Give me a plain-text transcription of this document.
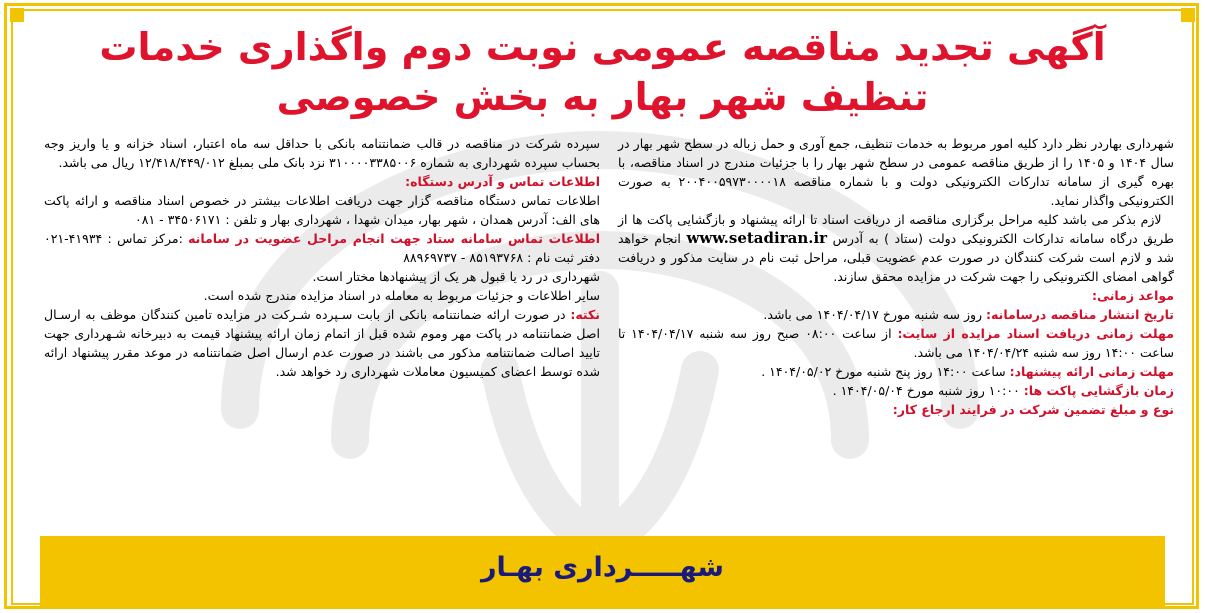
آگهی تجدید مناقصه عمومی نوبت دوم واگذاری خدمات تنظیف شهر بهار به بخش خصوصی

شهرداری بهاردر نظر دارد کلیه امور مربوط به خدمات تنظیف، جمع آوری و حمل زباله در سطح شهر بهار در سال ۱۴۰۴ و ۱۴۰۵ را از طریق مناقصه عمومی در سطح شهر بهار را با جزئیات مندرج در اسناد مناقصه، با بهره گیری از سامانه تدارکات الکترونیکی دولت و با شماره مناقصه ۲۰۰۴۰۰۵۹۷۳۰۰۰۰۱۸ به صورت الکترونیکی واگذار نماید.

 لازم بذکر می باشد کلیه مراحل برگزاری مناقصه از دریافت اسناد تا ارائه پیشنهاد و بازگشایی پاکت ها از طریق درگاه سامانه تدارکات الکترونیکی دولت (ستاد ) به آدرس www.setadiran.ir انجام خواهد شد و لازم است شرکت کنندگان در صورت عدم عضویت قبلی، مراحل ثبت نام در سایت مذکور و دریافت گواهی امضای الکترونیکی را جهت شرکت در مزایده محقق سازند.

مواعد زمانی:

تاریخ انتشار مناقصه درسامانه: روز سه شنبه مورخ ۱۴۰۴/۰۴/۱۷ می باشد.

مهلت زمانی دریافت اسناد مزایده از سایت: از ساعت ۰۸:۰۰ صبح روز سه شنبه ۱۴۰۴/۰۴/۱۷ تا ساعت ۱۴:۰۰ روز سه شنبه ۱۴۰۴/۰۴/۲۴ می باشد.

مهلت زمانی ارائه پیشنهاد: ساعت ۱۴:۰۰ روز پنج شنبه مورخ ۱۴۰۴/۰۵/۰۲ .

زمان بازگشایی پاکت ها: ۱۰:۰۰ روز شنبه مورخ ۱۴۰۴/۰۵/۰۴ .

نوع و مبلغ تضمین شرکت در فرایند ارجاع کار:

سپرده شرکت در مناقصه در قالب ضمانتنامه بانکی با حداقل سه ماه اعتبار، اسناد خزانه و یا واریز وجه بحساب سپرده شهرداری به شماره ۳۱۰۰۰۰۳۳۸۵۰۰۶ نزد بانک ملی بمبلغ ۱۲/۴۱۸/۴۴۹/۰۱۲ ریال می باشد.

اطلاعات تماس و آدرس دستگاه:

اطلاعات تماس دستگاه مناقصه گزار جهت دریافت اطلاعات بیشتر در خصوص اسناد مناقصه و ارائه پاکت های الف: آدرس همدان ، شهر بهار، میدان شهدا ، شهرداری بهار و تلفن : ۳۴۵۰۶۱۷۱ - ۰۸۱

اطلاعات تماس سامانه ستاد جهت انجام مراحل عضویت در سامانه :مرکز تماس : ۴۱۹۳۴-۰۲۱ دفتر ثبت نام : ۸۵۱۹۳۷۶۸ - ۸۸۹۶۹۷۳۷

شهرداری در رد یا قبول هر یک از پیشنهادها مختار است.

سایر اطلاعات و جزئیات مربوط به معامله در اسناد مزایده مندرج شده است.

نکته: در صورت ارائه ضمانتنامه بانکی از بابت سـپرده شـرکت در مزایده تامین کنندگان موظف به ارسـال اصل ضمانتنامه در پاکت مهر وموم شده قبل از اتمام زمان ارائه پیشنهاد قیمت به دبیرخانه شـهرداری جهت تایید اصالت ضمانتنامه مذکور می باشند در صورت عدم ارسال اصل ضمانتنامه در موعد مقرر پیشنهاد ارائه شده توسط اعضای کمیسیون معاملات شهرداری رد خواهد شد.

شهـــــرداری بهـار
